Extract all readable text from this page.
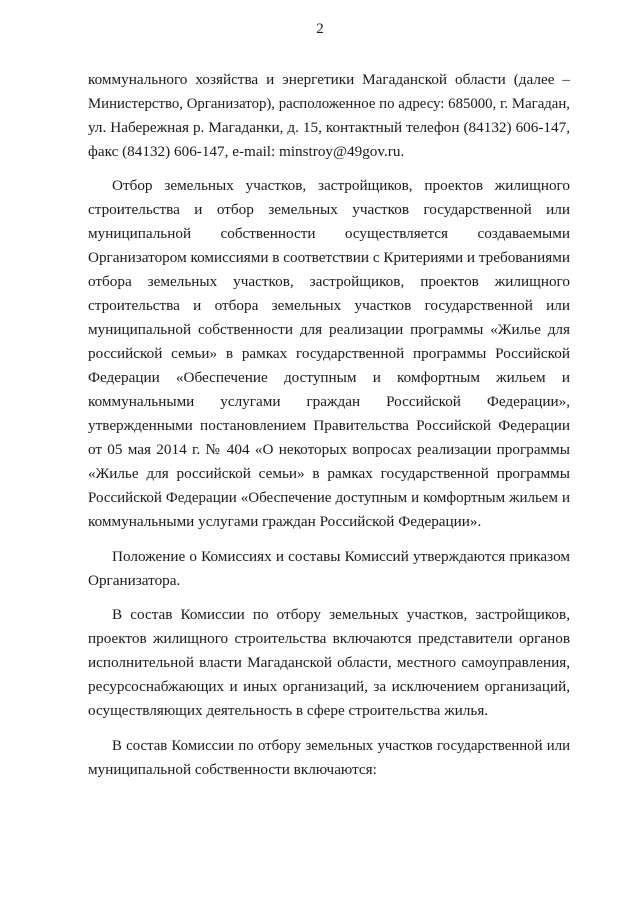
2
коммунального хозяйства и энергетики Магаданской области (далее –
Министерство, Организатор), расположенное по адресу: 685000, г. Магадан,
ул. Набережная р. Магаданки, д. 15, контактный телефон (84132) 606-147,
факс (84132) 606-147, e-mail: minstroy@49gov.ru.
Отбор земельных участков, застройщиков, проектов жилищного
строительства и отбор земельных участков государственной или
муниципальной собственности осуществляется создаваемыми
Организатором комиссиями в соответствии с Критериями и требованиями
отбора земельных участков, застройщиков, проектов жилищного
строительства и отбора земельных участков государственной или
муниципальной собственности для реализации программы «Жилье для
российской семьи» в рамках государственной программы Российской
Федерации «Обеспечение доступным и комфортным жильем и
коммунальными услугами граждан Российской Федерации»,
утвержденными постановлением Правительства Российской Федерации
от 05 мая 2014 г. № 404 «О некоторых вопросах реализации программы
«Жилье для российской семьи» в рамках государственной программы
Российской Федерации «Обеспечение доступным и комфортным жильем и
коммунальными услугами граждан Российской Федерации».
Положение о Комиссиях и составы Комиссий утверждаются приказом
Организатора.
В состав Комиссии по отбору земельных участков, застройщиков,
проектов жилищного строительства включаются представители органов
исполнительной власти Магаданской области, местного самоуправления,
ресурсоснабжающих и иных организаций, за исключением организаций,
осуществляющих деятельность в сфере строительства жилья.
В состав Комиссии по отбору земельных участков государственной или
муниципальной собственности включаются:
